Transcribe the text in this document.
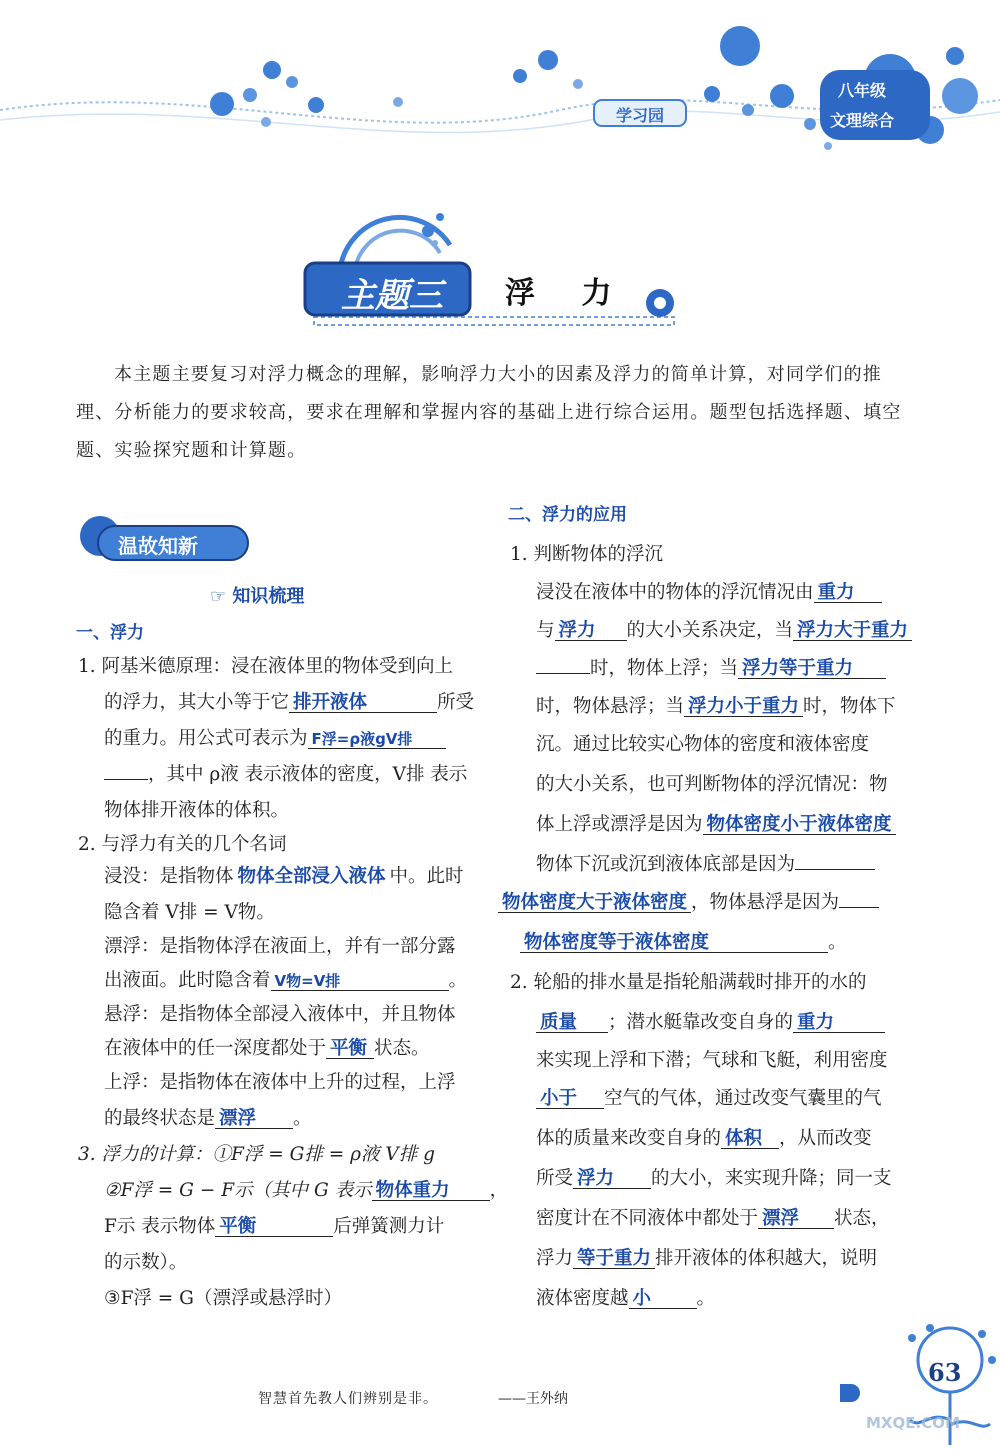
学习园
八年级
文理综合
主题三	浮 力
本主题主要复习对浮力概念的理解，影响浮力大小的因素及浮力的简单计算，对同学们的推理、分析能力的要求较高，要求在理解和掌握内容的基础上进行综合运用。题型包括选择题、填空题、实验探究题和计算题。
温故知新
☞ 知识梳理
一、浮力
1. 阿基米德原理：浸在液体里的物体受到向上
的浮力，其大小等于它 排开液体	所受
的重力。用公式可表示为 F浮=ρ液gV排
，其中 ρ液 表示液体的密度，V排 表示
物体排开液体的体积。
2. 与浮力有关的几个名词
浸没：是指物体 物体全部浸入液体 中。此时
隐含着 V排 = V物。
漂浮：是指物体浮在液面上，并有一部分露
出液面。此时隐含着 V物=V排	。
悬浮：是指物体全部浸入液体中，并且物体
在液体中的任一深度都处于 平衡 状态。
上浮：是指物体在液体中上升的过程，上浮
的最终状态是 漂浮 。
3. 浮力的计算：①F浮 = G排 = ρ液 V排 g
②F浮 = G − F示（其中 G 表示 物体重力 ，
F示 表示物体 平衡	后弹簧测力计
的示数）。
③F浮 = G（漂浮或悬浮时）
二、浮力的应用
1. 判断物体的浮沉
浸没在液体中的物体的浮沉情况由 重力
与 浮力 的大小关系决定，当 浮力大于重力
时，物体上浮；当 浮力等于重力
时，物体悬浮；当 浮力小于重力 时，物体下
沉。通过比较实心物体的密度和液体密度
的大小关系，也可判断物体的浮沉情况：物
体上浮或漂浮是因为 物体密度小于液体密度
物体下沉或沉到液体底部是因为
物体密度大于液体密度 ，物体悬浮是因为
物体密度等于液体密度	。
2. 轮船的排水量是指轮船满载时排开的水的
质量 ；潜水艇靠改变自身的 重力
来实现上浮和下潜；气球和飞艇，利用密度
小于 空气的气体，通过改变气囊里的气
体的质量来改变自身的 体积 ，从而改变
所受 浮力 的大小，来实现升降；同一支
密度计在不同液体中都处于 漂浮 状态，
浮力 等于重力 排开液体的体积越大，说明
液体密度越 小 。
智慧首先教人们辨别是非。	——王外纳
63
MXQE.COM
